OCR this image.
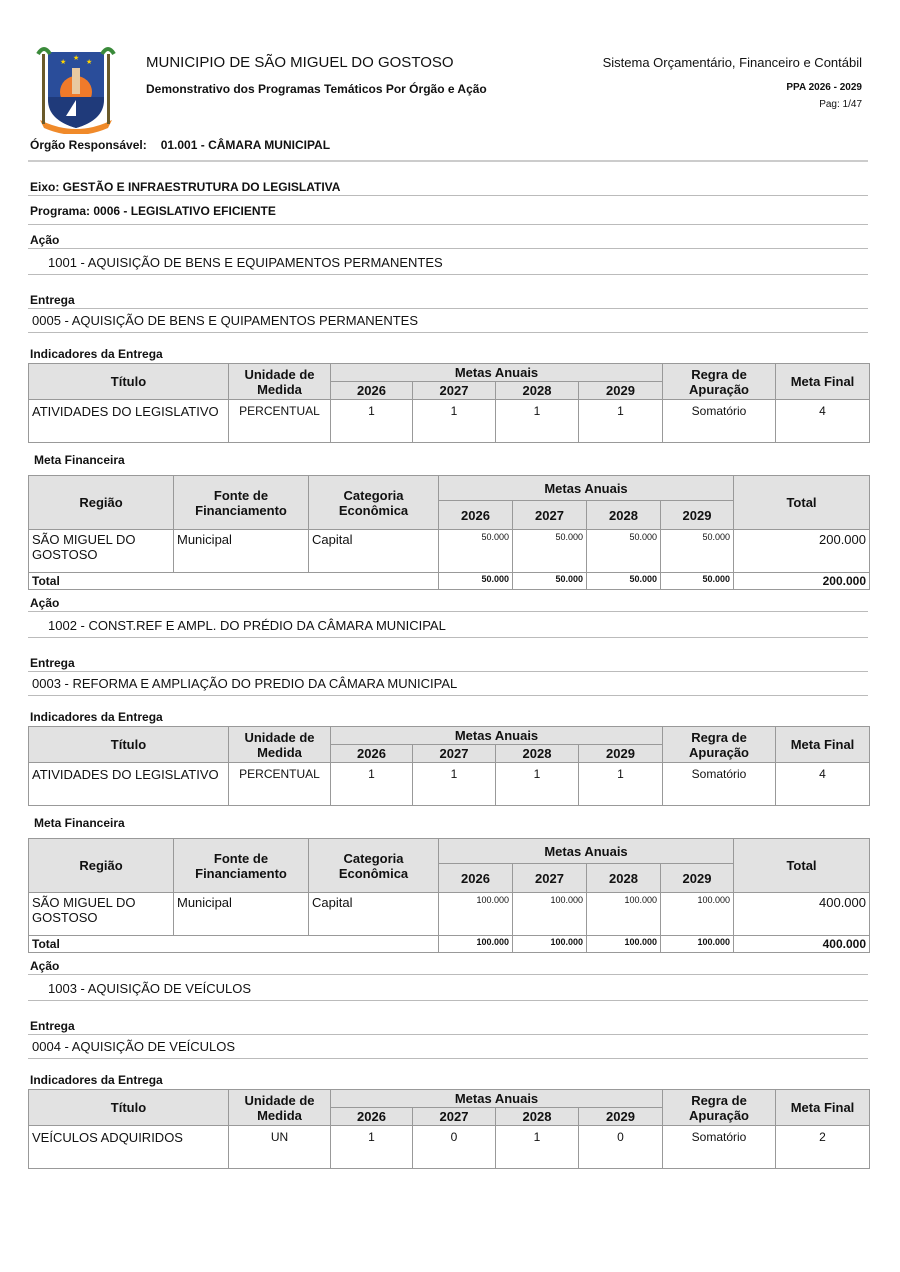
★
★
★	MUNICIPIO DE SÃO MIGUEL DO GOSTOSO
Demonstrativo dos Programas Temáticos Por Órgão e Ação
Sistema Orçamentário, Financeiro e Contábil
PPA 2026 - 2029
Pag: 1/47
Órgão Responsável: 01.001 - CÂMARA MUNICIPAL
Eixo: GESTÃO E INFRAESTRUTURA DO LEGISLATIVA
Programa: 0006 - LEGISLATIVO EFICIENTE
Ação
1001 - AQUISIÇÃO DE BENS E EQUIPAMENTOS PERMANENTES
Entrega
0005 - AQUISIÇÃO DE BENS E QUIPAMENTOS PERMANENTES
Indicadores da Entrega
Título	Unidade de Medida	Metas Anuais				Regra de Apuração	Meta Final
		2026	2027	2028	2029		
ATIVIDADES DO LEGISLATIVO	PERCENTUAL	1	1	1	1	Somatório	4
Meta Financeira
Região	Fonte de Financiamento	Categoria Econômica	Metas Anuais				Total
			2026	2027	2028	2029	
SÃO MIGUEL DO GOSTOSO	Municipal	Capital	50.000	50.000	50.000	50.000	200.000
Total			50.000	50.000	50.000	50.000	200.000
Ação
1002 - CONST.REF E AMPL. DO PRÉDIO DA CÂMARA MUNICIPAL
Entrega
0003 - REFORMA E AMPLIAÇÃO DO PREDIO DA CÂMARA MUNICIPAL
Indicadores da Entrega
Título	Unidade de Medida	Metas Anuais				Regra de Apuração	Meta Final
		2026	2027	2028	2029		
ATIVIDADES DO LEGISLATIVO	PERCENTUAL	1	1	1	1	Somatório	4
Meta Financeira
Região	Fonte de Financiamento	Categoria Econômica	Metas Anuais				Total
			2026	2027	2028	2029	
SÃO MIGUEL DO GOSTOSO	Municipal	Capital	100.000	100.000	100.000	100.000	400.000
Total			100.000	100.000	100.000	100.000	400.000
Ação
1003 - AQUISIÇÃO DE VEÍCULOS
Entrega
0004 - AQUISIÇÃO DE VEÍCULOS
Indicadores da Entrega
Título	Unidade de Medida	Metas Anuais				Regra de Apuração	Meta Final
		2026	2027	2028	2029		
VEÍCULOS ADQUIRIDOS	UN	1	0	1	0	Somatório	2
